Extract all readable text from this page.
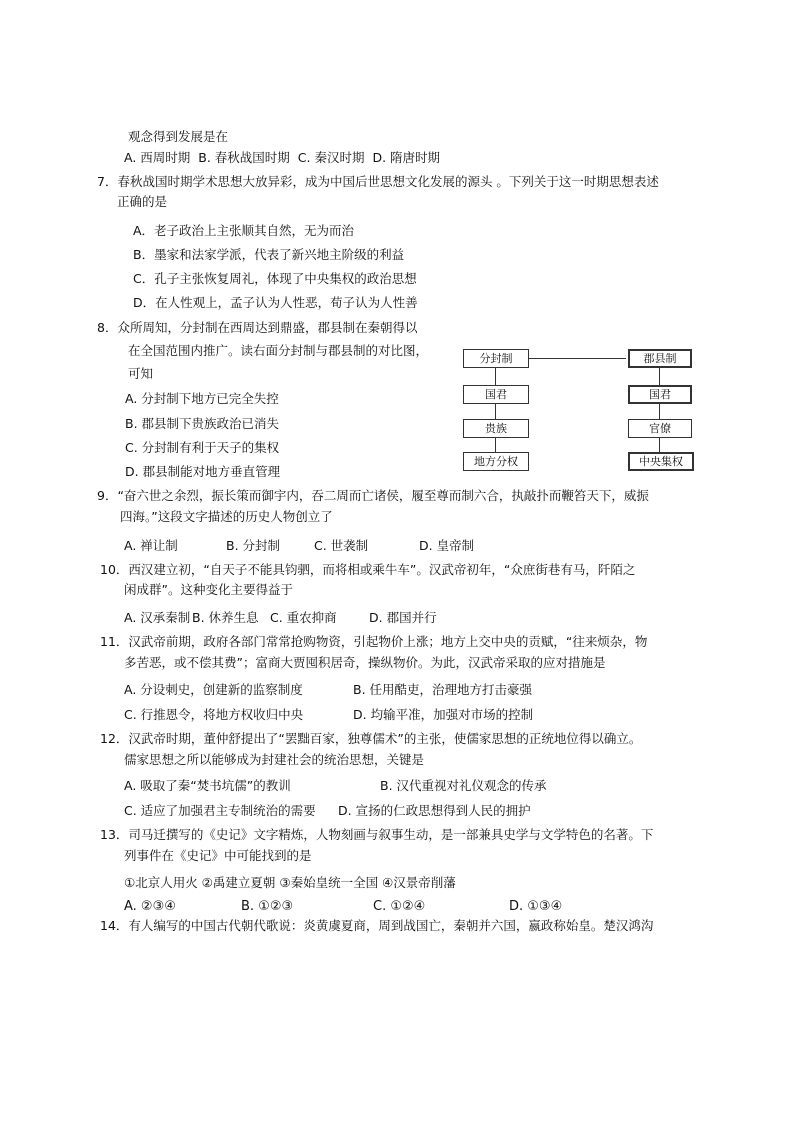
观念得到发展是在
A. 西周时期 B. 春秋战国时期 C. 秦汉时期 D. 隋唐时期
7．春秋战国时期学术思想大放异彩，成为中国后世思想文化发展的源头 。下列关于这一时期思想表述
正确的是
A．老子政治上主张顺其自然，无为而治
B．墨家和法家学派，代表了新兴地主阶级的利益
C．孔子主张恢复周礼，体现了中央集权的政治思想
D．在人性观上，孟子认为人性恶，荀子认为人性善
8．众所周知，分封制在西周达到鼎盛，郡县制在秦朝得以
在全国范围内推广。读右面分封制与郡县制的对比图，
可知
A. 分封制下地方已完全失控
B. 郡县制下贵族政治已消失
C. 分封制有利于天子的集权
D. 郡县制能对地方垂直管理
分封制
国君
贵族
地方分权
郡县制
国君
官僚
中央集权
9．“奋六世之余烈，振长策而御宇内，吞二周而亡诸侯，履至尊而制六合，执敲扑而鞭笞天下，威振
四海。”这段文字描述的历史人物创立了
A. 禅让制	B. 分封制	C. 世袭制	D. 皇帝制
10．西汉建立初，“自天子不能具钧驷，而将相或乘牛车”。汉武帝初年，“众庶街巷有马，阡陌之
闲成群”。这种变化主要得益于
A. 汉承秦制 B. 休养生息 C. 重农抑商	D. 郡国并行
11．汉武帝前期，政府各部门常常抢购物资，引起物价上涨；地方上交中央的贡赋，“往来烦杂，物
多苦恶，或不偿其费”；富商大贾囤积居奇，操纵物价。为此，汉武帝采取的应对措施是
A. 分设刺史，创建新的监察制度	B. 任用酷吏，治理地方打击豪强
C. 行推恩令，将地方权收归中央	D. 均输平准，加强对市场的控制
12．汉武帝时期，董仲舒提出了“罢黜百家，独尊儒术”的主张，使儒家思想的正统地位得以确立。
儒家思想之所以能够成为封建社会的统治思想，关键是
A. 吸取了秦“焚书坑儒”的教训	B. 汉代重视对礼仪观念的传承
C. 适应了加强君主专制统治的需要 D. 宣扬的仁政思想得到人民的拥护
13．司马迁撰写的《史记》文字精炼，人物刻画与叙事生动，是一部兼具史学与文学特色的名著。下
列事件在《史记》中可能找到的是
①北京人用火 ②禹建立夏朝 ③秦始皇统一全国 ④汉景帝削藩
A. ②③④	B. ①②③	C. ①②④	D. ①③④
14．有人编写的中国古代朝代歌说：炎黄虞夏商，周到战国亡，秦朝并六国，嬴政称始皇。楚汉鸿沟
